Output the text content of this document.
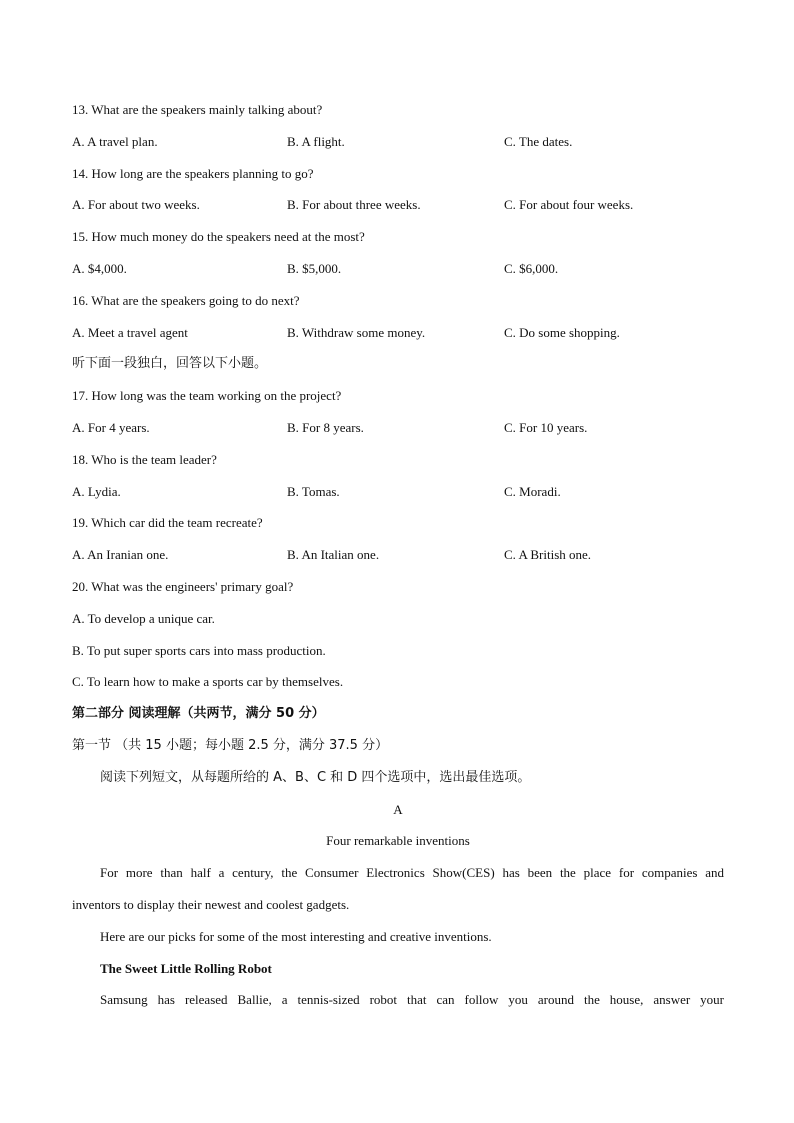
13. What are the speakers mainly talking about?
A. A travel plan.	B. A flight.	C. The dates.
14. How long are the speakers planning to go?
A. For about two weeks.	B. For about three weeks.	C. For about four weeks.
15. How much money do the speakers need at the most?
A. $4,000.	B. $5,000.	C. $6,000.
16. What are the speakers going to do next?
A. Meet a travel agent	B. Withdraw some money.	C. Do some shopping.
听下面一段独白，回答以下小题。
17. How long was the team working on the project?
A. For 4 years.	B. For 8 years.	C. For 10 years.
18. Who is the team leader?
A. Lydia.	B. Tomas.	C. Moradi.
19. Which car did the team recreate?
A. An Iranian one.	B. An Italian one.	C. A British one.
20. What was the engineers' primary goal?
A. To develop a unique car.
B. To put super sports cars into mass production.
C. To learn how to make a sports car by themselves.
第二部分 阅读理解（共两节，满分 50 分）
第一节 （共 15 小题；每小题 2.5 分，满分 37.5 分）
阅读下列短文，从每题所给的 A、B、C 和 D 四个选项中，选出最佳选项。
A
Four remarkable inventions
For more than half a century, the Consumer Electronics Show(CES) has been the place for companies and
inventors to display their newest and coolest gadgets.
Here are our picks for some of the most interesting and creative inventions.
The Sweet Little Rolling Robot
Samsung has released Ballie, a tennis-sized robot that can follow you around the house, answer your
